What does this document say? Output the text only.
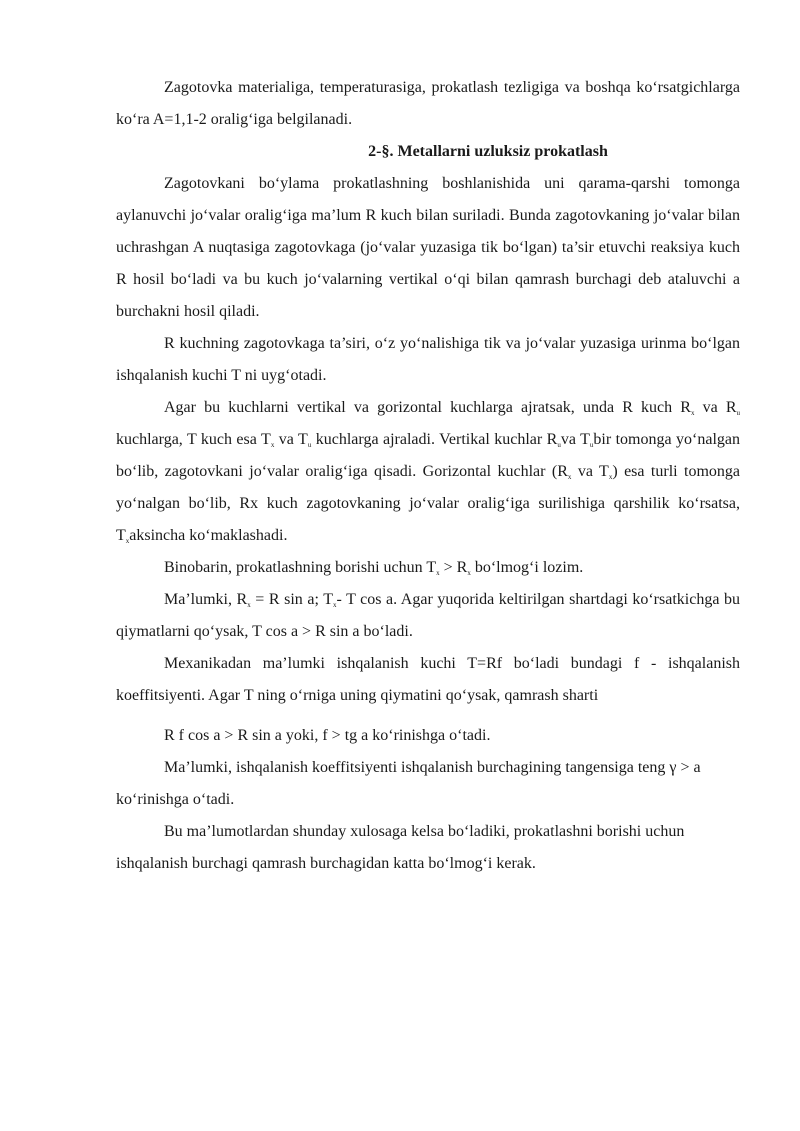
Zagotovka materialiga, temperaturasiga, prokatlash tezligiga va boshqa ko‘rsatgichlarga ko‘ra A=1,1-2 oralig‘iga belgilanadi.

2-§. Metallarni uzluksiz prokatlash

Zagotovkani bo‘ylama prokatlashning boshlanishida uni qarama-qarshi tomonga aylanuvchi jo‘valar oralig‘iga ma’lum R kuch bilan suriladi. Bunda zagotovkaning jo‘valar bilan uchrashgan A nuqtasiga zagotovkaga (jo‘valar yuzasiga tik bo‘lgan) ta’sir etuvchi reaksiya kuch R hosil bo‘ladi va bu kuch jo‘valarning vertikal o‘qi bilan qamrash burchagi deb ataluvchi a burchakni hosil qiladi.

R kuchning zagotovkaga ta’siri, o‘z yo‘nalishiga tik va jo‘valar yuzasiga urinma bo‘lgan ishqalanish kuchi T ni uyg‘otadi.

Agar bu kuchlarni vertikal va gorizontal kuchlarga ajratsak, unda R kuch $R_x$ va $R_u$ kuchlarga, T kuch esa $T_x$ va $T_u$ kuchlarga ajraladi. Vertikal kuchlar $R_uva$ $T_ubir$ tomonga yo‘nalgan bo‘lib, zagotovkani jo‘valar oralig‘iga qisadi. Gorizontal kuchlar ($R_x$ va $T_x$) esa turli tomonga yo‘nalgan bo‘lib, Rx kuch zagotovkaning jo‘valar oralig‘iga surilishiga qarshilik ko‘rsatsa, $T_xaksincha$ ko‘maklashadi.

Binobarin, prokatlashning borishi uchun $T_x > R_x$ bo‘lmog‘i lozim.

Ma’lumki, $R_x = R$ sin a; $T_x-$ T cos a. Agar yuqorida keltirilgan shartdagi ko‘rsatkichga bu qiymatlarni qo‘ysak, T cos a > R sin a bo‘ladi.

Mexanikadan ma’lumki ishqalanish kuchi T=Rf bo‘ladi bundagi f - ishqalanish koeffitsiyenti. Agar T ning o‘rniga uning qiymatini qo‘ysak, qamrash sharti

R f cos a > R sin a yoki, f > tg a ko‘rinishga o‘tadi.

Ma’lumki, ishqalanish koeffitsiyenti ishqalanish burchagining tangensiga teng γ > a ko‘rinishga o‘tadi.

Bu ma’lumotlardan shunday xulosaga kelsa bo‘ladiki, prokatlashni borishi uchun ishqalanish burchagi qamrash burchagidan katta bo‘lmog‘i kerak.
